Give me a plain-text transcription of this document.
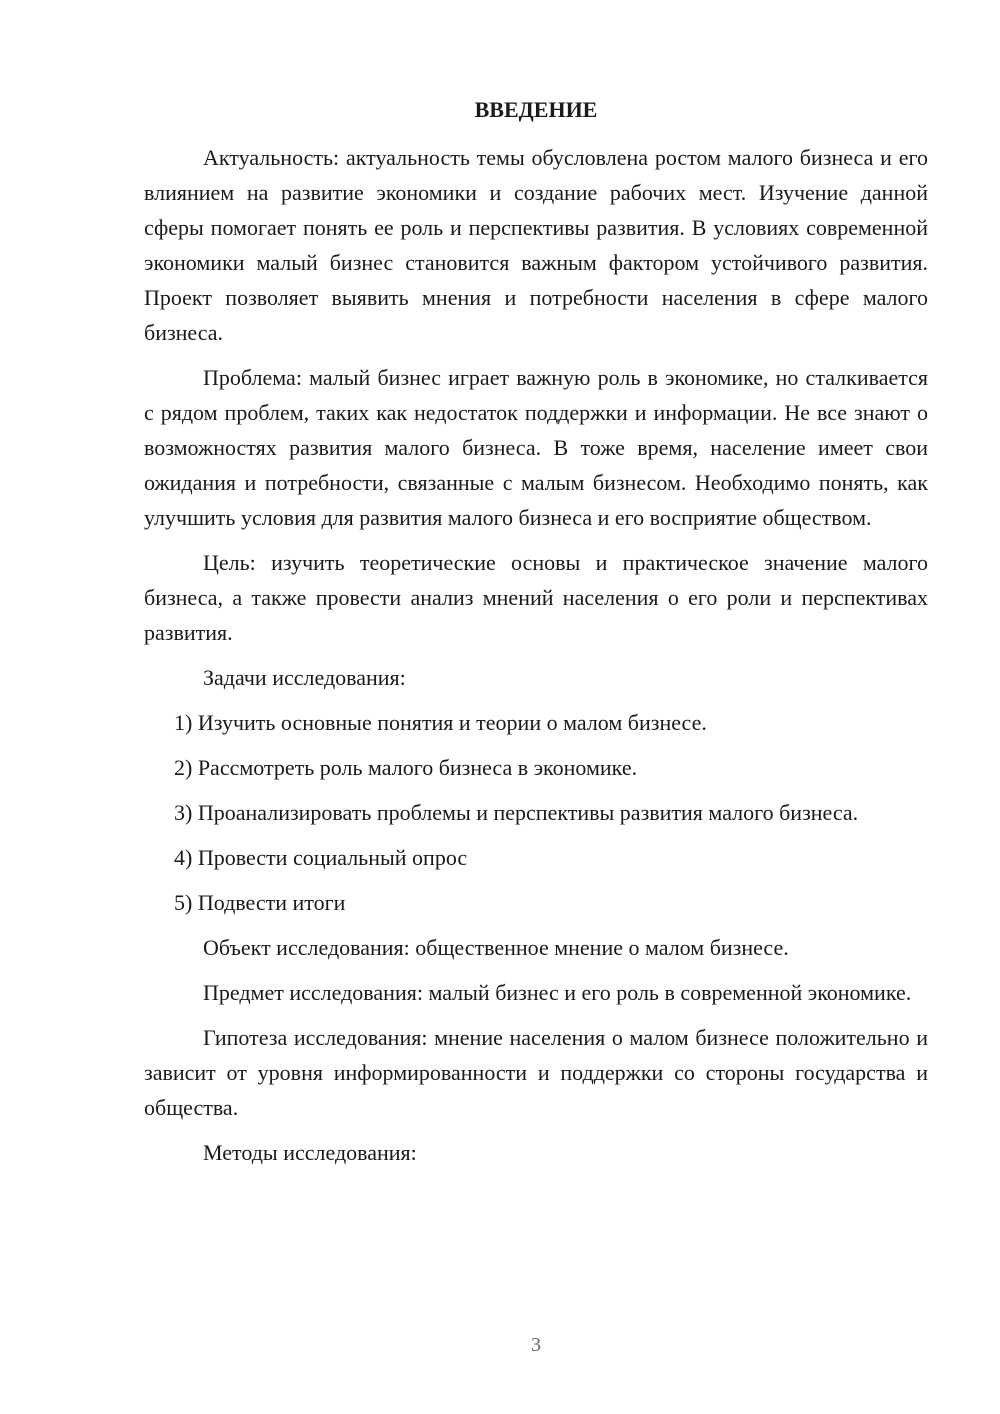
ВВЕДЕНИЕ

Актуальность: актуальность темы обусловлена ростом малого бизнеса и его влиянием на развитие экономики и создание рабочих мест. Изучение данной сферы помогает понять ее роль и перспективы развития. В условиях современной экономики малый бизнес становится важным фактором устойчивого развития. Проект позволяет выявить мнения и потребности населения в сфере малого бизнеса.

Проблема: малый бизнес играет важную роль в экономике, но сталкивается с рядом проблем, таких как недостаток поддержки и информации. Не все знают о возможностях развития малого бизнеса. В тоже время, население имеет свои ожидания и потребности, связанные с малым бизнесом. Необходимо понять, как улучшить условия для развития малого бизнеса и его восприятие обществом.

Цель: изучить теоретические основы и практическое значение малого бизнеса, а также провести анализ мнений населения о его роли и перспективах развития.

Задачи исследования:

1) Изучить основные понятия и теории о малом бизнесе.

2) Рассмотреть роль малого бизнеса в экономике.

3) Проанализировать проблемы и перспективы развития малого бизнеса.

4) Провести социальный опрос

5) Подвести итоги

Объект исследования: общественное мнение о малом бизнесе.

Предмет исследования: малый бизнес и его роль в современной экономике.

Гипотеза исследования: мнение населения о малом бизнесе положительно и зависит от уровня информированности и поддержки со стороны государства и общества.

Методы исследования:

3
